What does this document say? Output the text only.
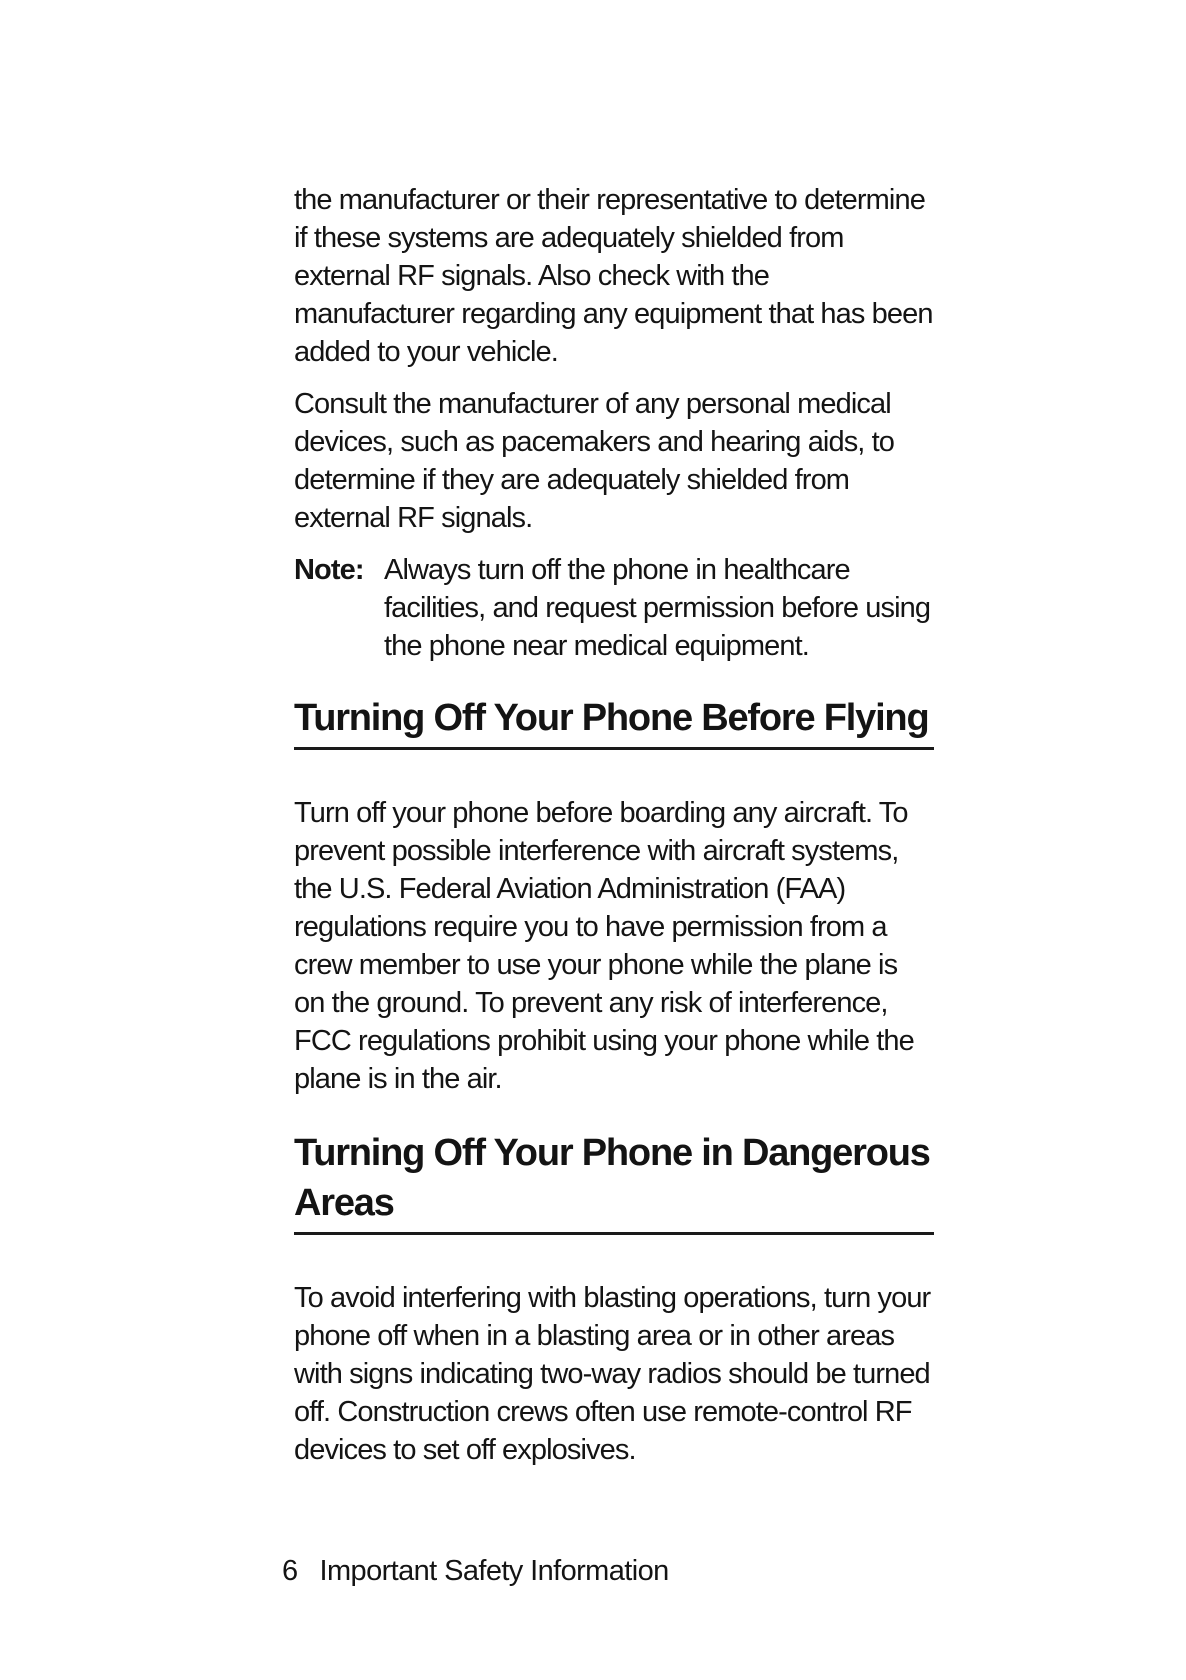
the manufacturer or their representative to determine if these systems are adequately shielded from external RF signals. Also check with the manufacturer regarding any equipment that has been added to your vehicle.

Consult the manufacturer of any personal medical devices, such as pacemakers and hearing aids, to determine if they are adequately shielded from external RF signals.

Note: Always turn off the phone in healthcare facilities, and request permission before using the phone near medical equipment.
Turning Off Your Phone Before Flying

Turn off your phone before boarding any aircraft. To prevent possible interference with aircraft systems, the U.S. Federal Aviation Administration (FAA) regulations require you to have permission from a crew member to use your phone while the plane is on the ground. To prevent any risk of interference, FCC regulations prohibit using your phone while the plane is in the air.

Turning Off Your Phone in Dangerous Areas

To avoid interfering with blasting operations, turn your phone off when in a blasting area or in other areas with signs indicating two-way radios should be turned off. Construction crews often use remote-control RF devices to set off explosives.

6 Important Safety Information
